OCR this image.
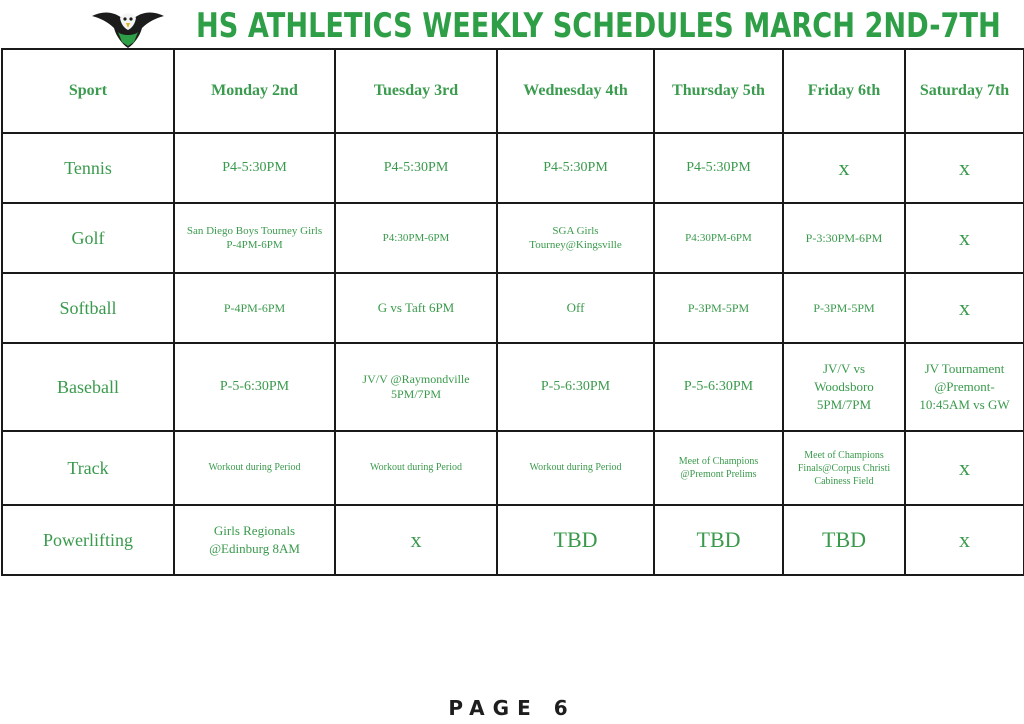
HS ATHLETICS WEEKLY SCHEDULES MARCH 2ND-7TH
Sport	Monday 2nd	Tuesday 3rd	Wednesday 4th	Thursday 5th	Friday 6th	Saturday 7th
Tennis	P4-5:30PM	P4-5:30PM	P4-5:30PM	P4-5:30PM	x	x
Golf	San Diego Boys Tourney Girls P-4PM-6PM	P4:30PM-6PM	SGA Girls Tourney@Kingsville	P4:30PM-6PM	P-3:30PM-6PM	x
Softball	P-4PM-6PM	G vs Taft 6PM	Off	P-3PM-5PM	P-3PM-5PM	x
Baseball	P-5-6:30PM	JV/V @Raymondville 5PM/7PM	P-5-6:30PM	P-5-6:30PM	JV/V vs Woodsboro 5PM/7PM	JV Tournament @Premont- 10:45AM vs GW
Track	Workout during Period	Workout during Period	Workout during Period	Meet of Champions @Premont Prelims	Meet of Champions Finals@Corpus Christi Cabiness Field	x
Powerlifting	Girls Regionals @Edinburg 8AM	x	TBD	TBD	TBD	x
PAGE 6
